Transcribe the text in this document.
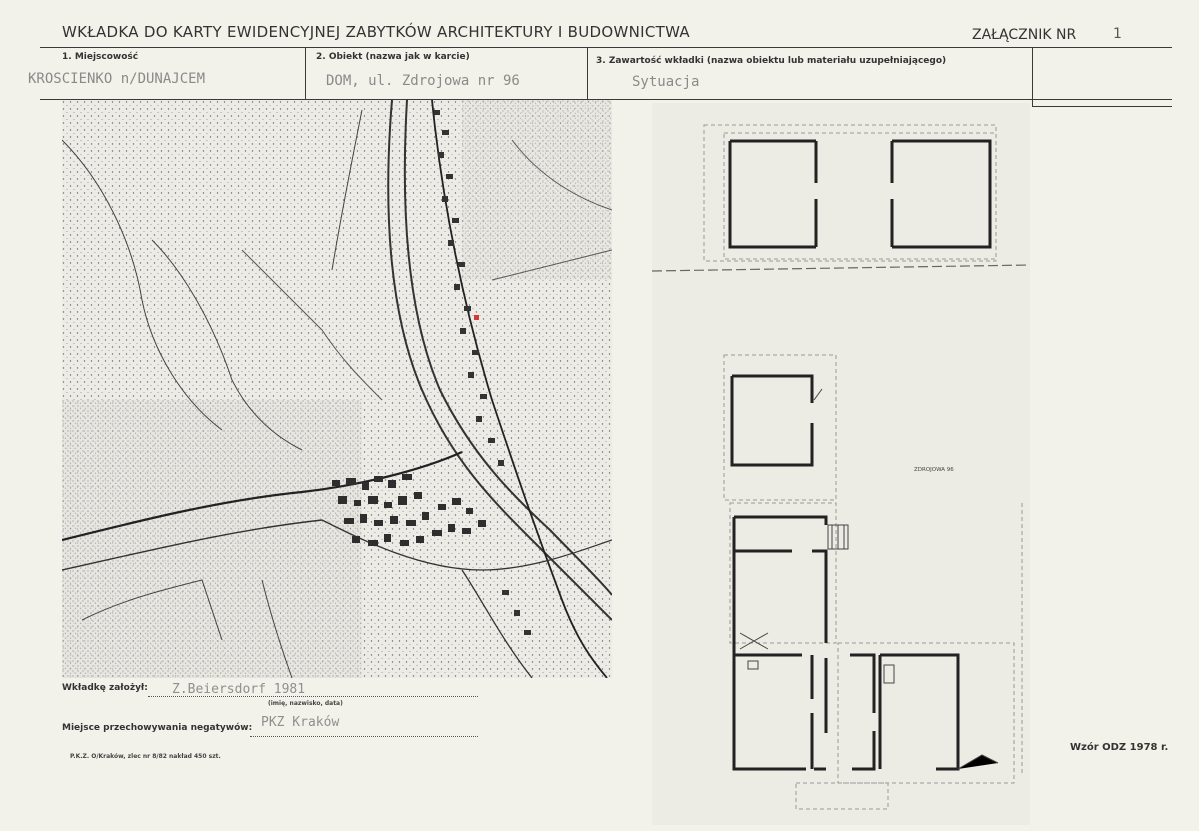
WKŁADKA DO KARTY EWIDENCYJNEJ ZABYTKÓW ARCHITEKTURY I BUDOWNICTWA	ZAŁĄCZNIK NR	1
1. Miejscowość
KROSCIENKO n/DUNAJCEM
2. Obiekt (nazwa jak w karcie)
DOM, ul. Zdrojowa nr 96
3. Zawartość wkładki (nazwa obiektu lub materiału uzupełniającego)
Sytuacja
ZDROJOWA 96
Wkładkę założył: Z.Beiersdorf 1981
(imię, nazwisko, data)
Miejsce przechowywania negatywów: PKZ Kraków
P.K.Z. O/Kraków, zlec nr 8/82 nakład 450 szt.
Wzór ODZ 1978 r.
